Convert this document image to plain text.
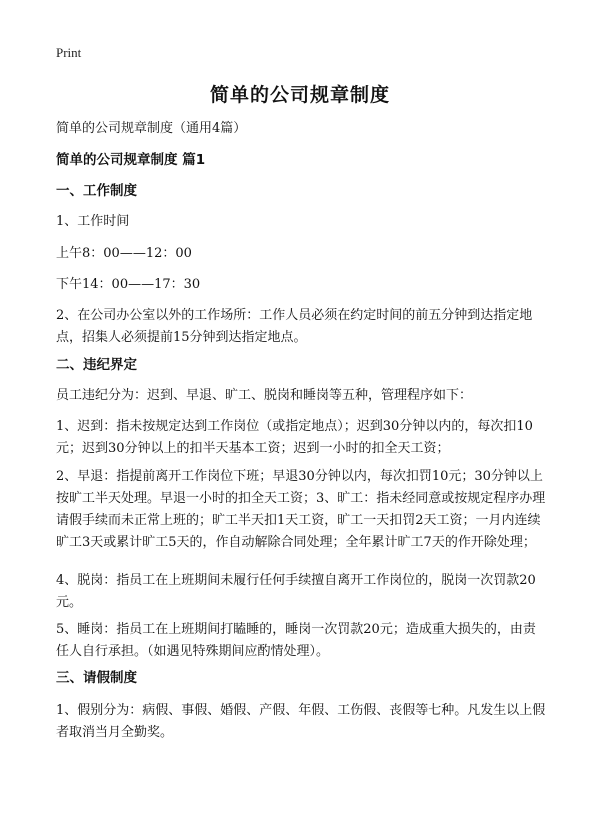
Print
简单的公司规章制度
简单的公司规章制度（通用4篇）
简单的公司规章制度 篇1
一、工作制度
1、工作时间
上午8：00——12：00
下午14：00——17：30
2、在公司办公室以外的工作场所：工作人员必须在约定时间的前五分钟到达指定地点，招集人必须提前15分钟到达指定地点。
二、违纪界定
员工违纪分为：迟到、早退、旷工、脱岗和睡岗等五种，管理程序如下：
1、迟到：指未按规定达到工作岗位（或指定地点）；迟到30分钟以内的，每次扣10元；迟到30分钟以上的扣半天基本工资；迟到一小时的扣全天工资；
2、早退：指提前离开工作岗位下班；早退30分钟以内，每次扣罚10元；30分钟以上按旷工半天处理。早退一小时的扣全天工资；3、旷工：指未经同意或按规定程序办理请假手续而未正常上班的；旷工半天扣1天工资，旷工一天扣罚2天工资；一月内连续旷工3天或累计旷工5天的，作自动解除合同处理；全年累计旷工7天的作开除处理；
4、脱岗：指员工在上班期间未履行任何手续擅自离开工作岗位的，脱岗一次罚款20元。
5、睡岗：指员工在上班期间打瞌睡的，睡岗一次罚款20元；造成重大损失的，由责任人自行承担。（如遇见特殊期间应酌情处理）。
三、请假制度
1、假别分为：病假、事假、婚假、产假、年假、工伤假、丧假等七种。凡发生以上假者取消当月全勤奖。
